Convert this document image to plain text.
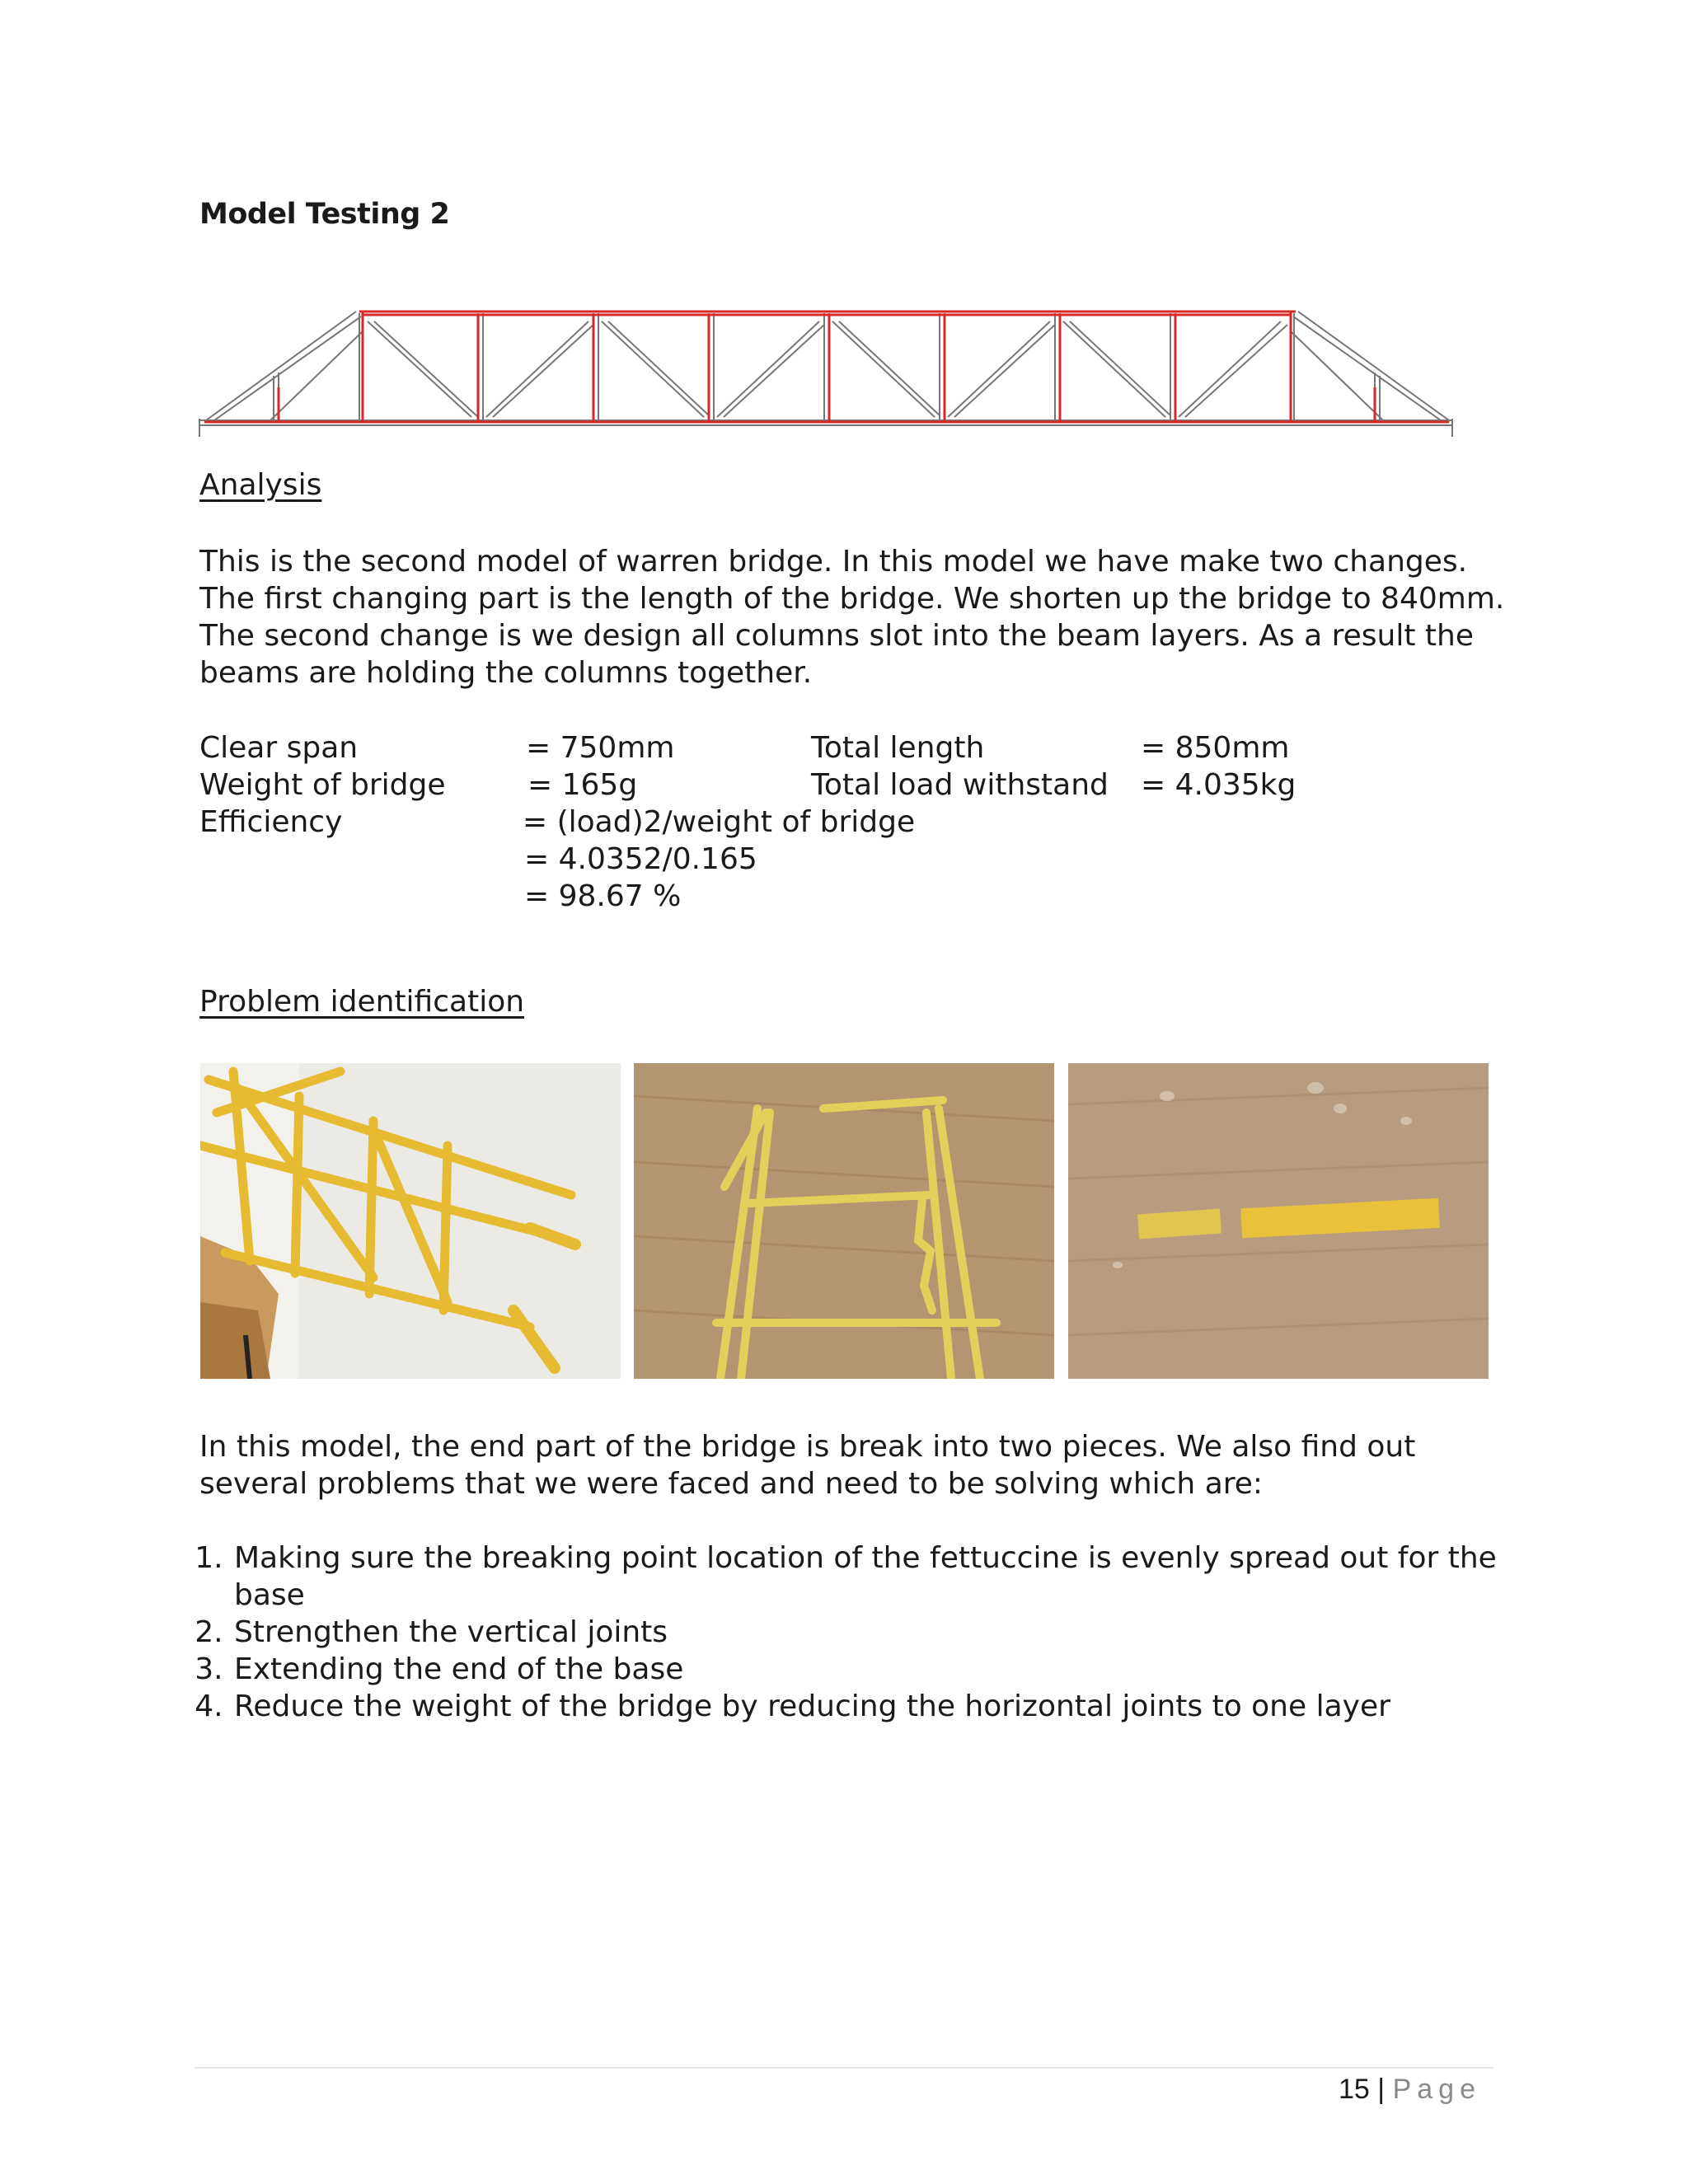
Model Testing 2
Analysis

This is the second model of warren bridge. In this model we have make two changes.

The first changing part is the length of the bridge. We shorten up the bridge to 840mm.

The second change is we design all columns slot into the beam layers. As a result the

beams are holding the columns together.

Clear span	= 750mm	Total length	= 850mm
Weight of bridge	= 165g	Total load withstand = 4.035kg
Efficiency	= (load)2/weight of bridge
= 4.0352/0.165
= 98.67 %
Problem identification

In this model, the end part of the bridge is break into two pieces. We also find out

several problems that we were faced and need to be solving which are:

1. Making sure the breaking point location of the fettuccine is evenly spread out for the base
2. Strengthen the vertical joints
3. Extending the end of the base
4. Reduce the weight of the bridge by reducing the horizontal joints to one layer
15 | Page
